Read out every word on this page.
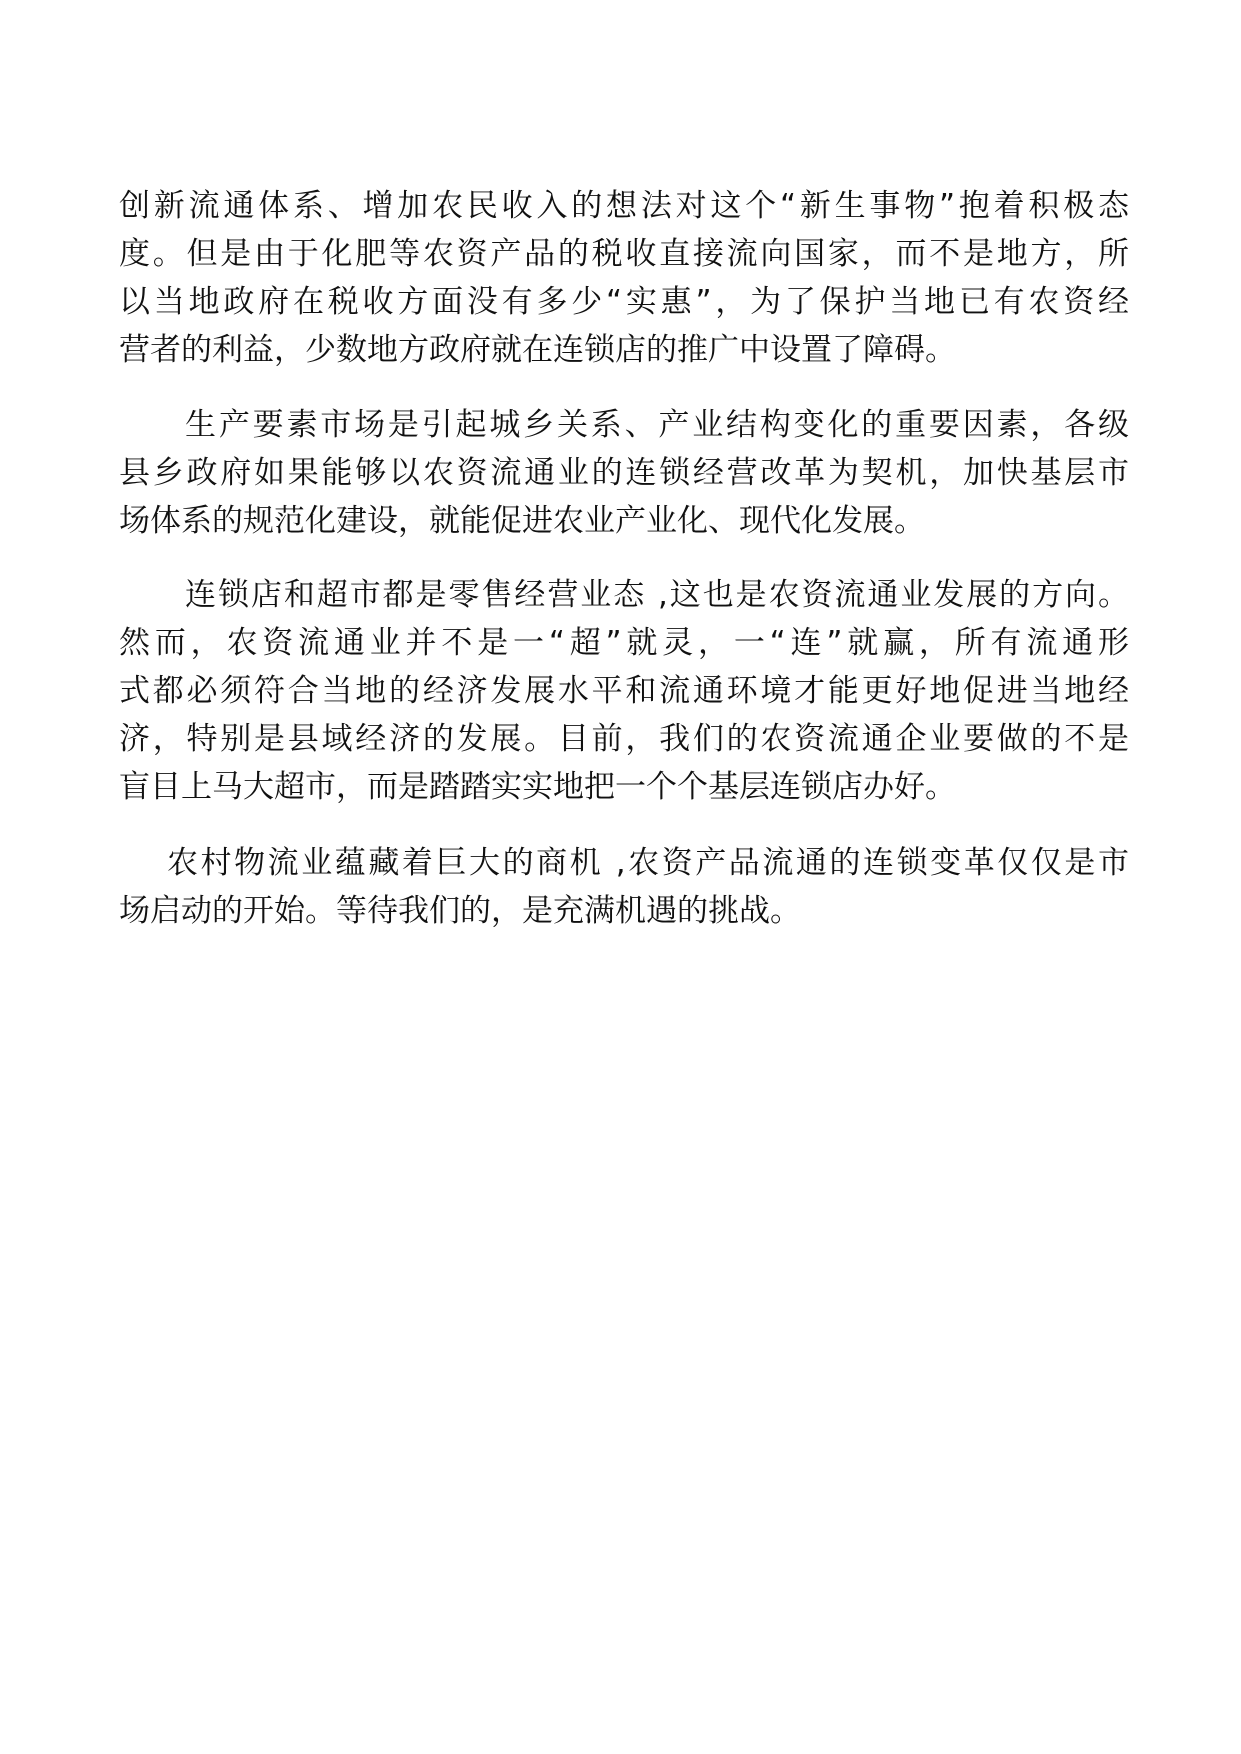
创新流通体系、增加农民收入的想法对这个“新生事物”抱着积极态
度。但是由于化肥等农资产品的税收直接流向国家，而不是地方，所
以当地政府在税收方面没有多少“实惠”，为了保护当地已有农资经
营者的利益，少数地方政府就在连锁店的推广中设置了障碍。
生产要素市场是引起城乡关系、产业结构变化的重要因素，各级
县乡政府如果能够以农资流通业的连锁经营改革为契机，加快基层市
场体系的规范化建设，就能促进农业产业化、现代化发展。
连锁店和超市都是零售经营业态 ,这也是农资流通业发展的方向。
然而，农资流通业并不是一“超”就灵，一“连”就赢，所有流通形
式都必须符合当地的经济发展水平和流通环境才能更好地促进当地经
济，特别是县域经济的发展。目前，我们的农资流通企业要做的不是
盲目上马大超市，而是踏踏实实地把一个个基层连锁店办好。
农村物流业蕴藏着巨大的商机 ,农资产品流通的连锁变革仅仅是市
场启动的开始。等待我们的，是充满机遇的挑战。
